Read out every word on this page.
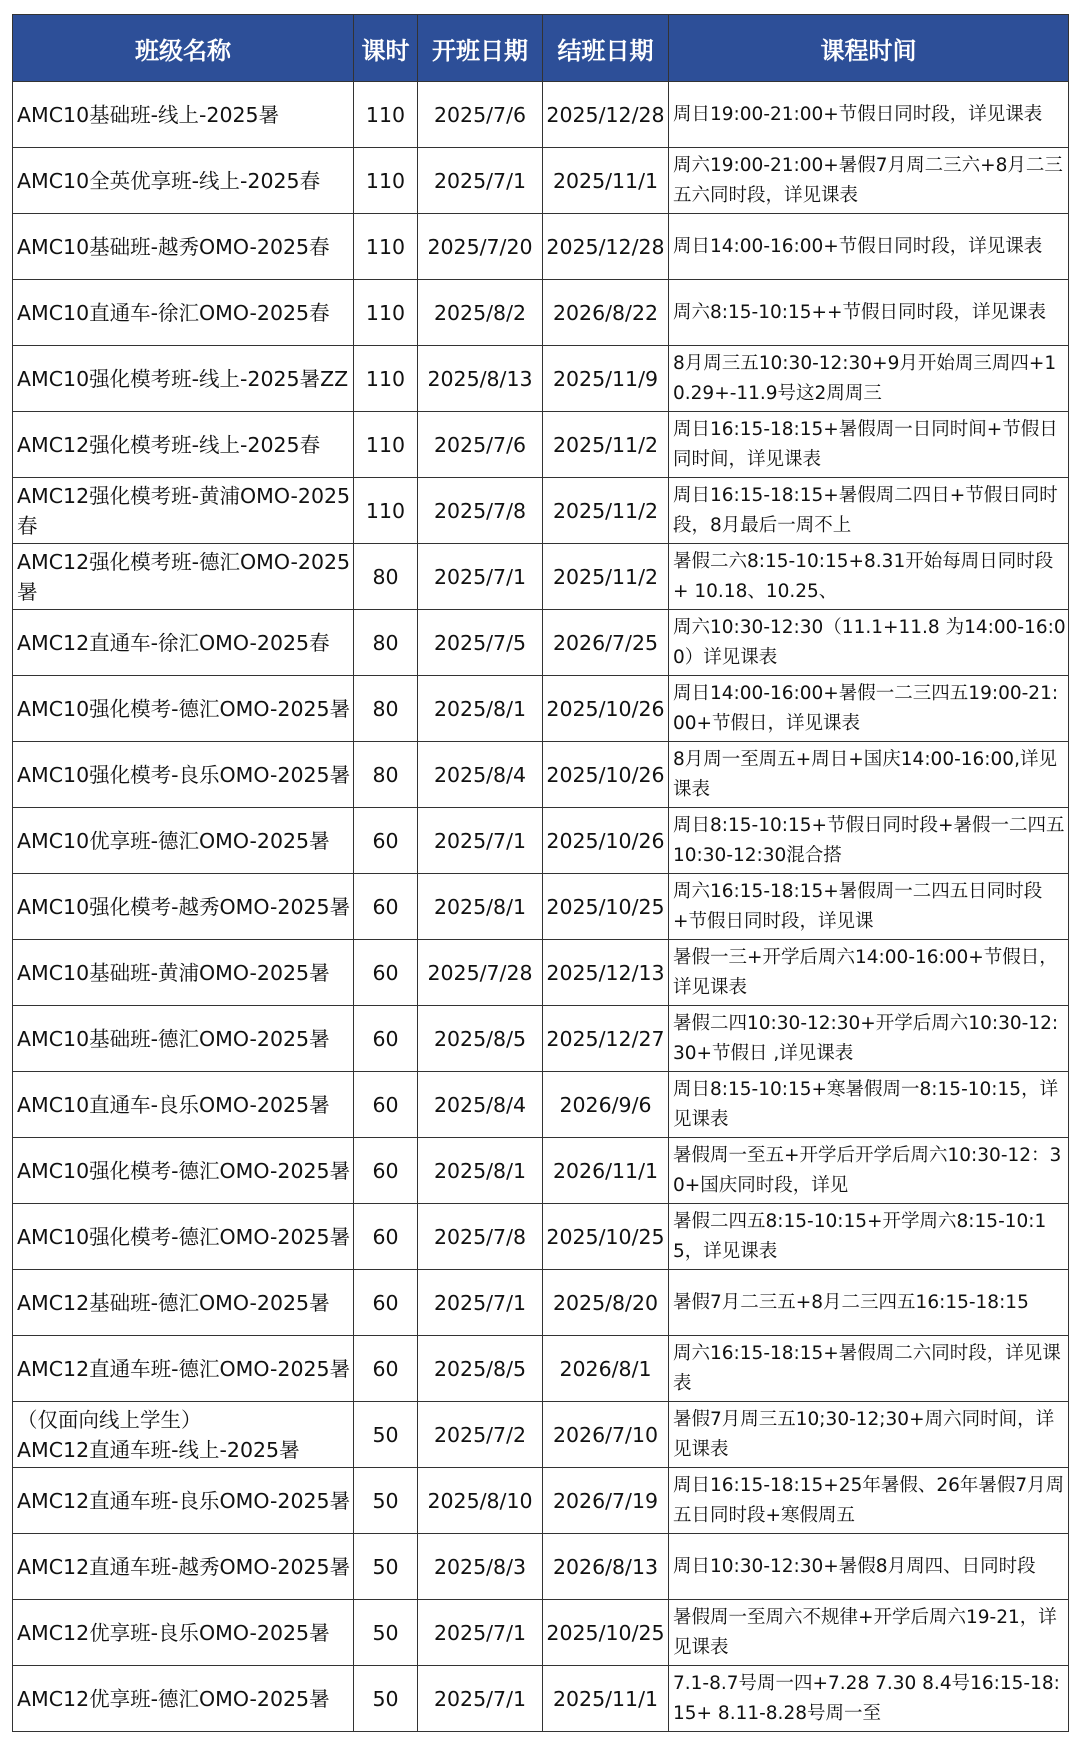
班级名称	课时	开班日期	结班日期	课程时间

AMC10基础班-线上-2025暑	110	2025/7/6	2025/12/28	周日19:00-21:00+节假日同时段，详见课表

AMC10全英优享班-线上-2025春	110	2025/7/1	2025/11/1	周六19:00-21:00+暑假7月周二三六+8月二三五六同时段，详见课表

AMC10基础班-越秀OMO-2025春	110	2025/7/20	2025/12/28	周日14:00-16:00+节假日同时段，详见课表

AMC10直通车-徐汇OMO-2025春	110	2025/8/2	2026/8/22	周六8:15-10:15++节假日同时段，详见课表

AMC10强化模考班-线上-2025暑ZZ	110	2025/8/13	2025/11/9	8月周三五10:30-12:30+9月开始周三周四+10.29+-11.9号这2周周三

AMC12强化模考班-线上-2025春	110	2025/7/6	2025/11/2	周日16:15-18:15+暑假周一日同时间+节假日同时间，详见课表

AMC12强化模考班-黄浦OMO-2025春	110	2025/7/8	2025/11/2	周日16:15-18:15+暑假周二四日+节假日同时段，8月最后一周不上

AMC12强化模考班-德汇OMO-2025暑	80	2025/7/1	2025/11/2	暑假二六8:15-10:15+8.31开始每周日同时段+ 10.18、10.25、

AMC12直通车-徐汇OMO-2025春	80	2025/7/5	2026/7/25	周六10:30-12:30（11.1+11.8 为14:00-16:00）详见课表

AMC10强化模考-德汇OMO-2025暑	80	2025/8/1	2025/10/26	周日14:00-16:00+暑假一二三四五19:00-21:00+节假日，详见课表

AMC10强化模考-良乐OMO-2025暑	80	2025/8/4	2025/10/26	8月周一至周五+周日+国庆14:00-16:00,详见课表

AMC10优享班-德汇OMO-2025暑	60	2025/7/1	2025/10/26	周日8:15-10:15+节假日同时段+暑假一二四五10:30-12:30混合搭

AMC10强化模考-越秀OMO-2025暑	60	2025/8/1	2025/10/25	周六16:15-18:15+暑假周一二四五日同时段+节假日同时段，详见课

AMC10基础班-黄浦OMO-2025暑	60	2025/7/28	2025/12/13	暑假一三+开学后周六14:00-16:00+节假日，详见课表

AMC10基础班-德汇OMO-2025暑	60	2025/8/5	2025/12/27	暑假二四10:30-12:30+开学后周六10:30-12:30+节假日 ,详见课表

AMC10直通车-良乐OMO-2025暑	60	2025/8/4	2026/9/6	周日8:15-10:15+寒暑假周一8:15-10:15，详见课表

AMC10强化模考-德汇OMO-2025暑	60	2025/8/1	2026/11/1	暑假周一至五+开学后开学后周六10:30-12：30+国庆同时段，详见

AMC10强化模考-德汇OMO-2025暑	60	2025/7/8	2025/10/25	暑假二四五8:15-10:15+开学周六8:15-10:15，详见课表

AMC12基础班-德汇OMO-2025暑	60	2025/7/1	2025/8/20	暑假7月二三五+8月二三四五16:15-18:15

AMC12直通车班-德汇OMO-2025暑	60	2025/8/5	2026/8/1	周六16:15-18:15+暑假周二六同时段，详见课表

（仅面向线上学生）
AMC12直通车班-线上-2025暑	50	2025/7/2	2026/7/10	暑假7月周三五10;30-12;30+周六同时间，详见课表

AMC12直通车班-良乐OMO-2025暑	50	2025/8/10	2026/7/19	周日16:15-18:15+25年暑假、26年暑假7月周五日同时段+寒假周五

AMC12直通车班-越秀OMO-2025暑	50	2025/8/3	2026/8/13	周日10:30-12:30+暑假8月周四、日同时段

AMC12优享班-良乐OMO-2025暑	50	2025/7/1	2025/10/25	暑假周一至周六不规律+开学后周六19-21，详见课表

AMC12优享班-德汇OMO-2025暑	50	2025/7/1	2025/11/1	7.1-8.7号周一四+7.28 7.30 8.4号16:15-18:15+ 8.11-8.28号周一至
